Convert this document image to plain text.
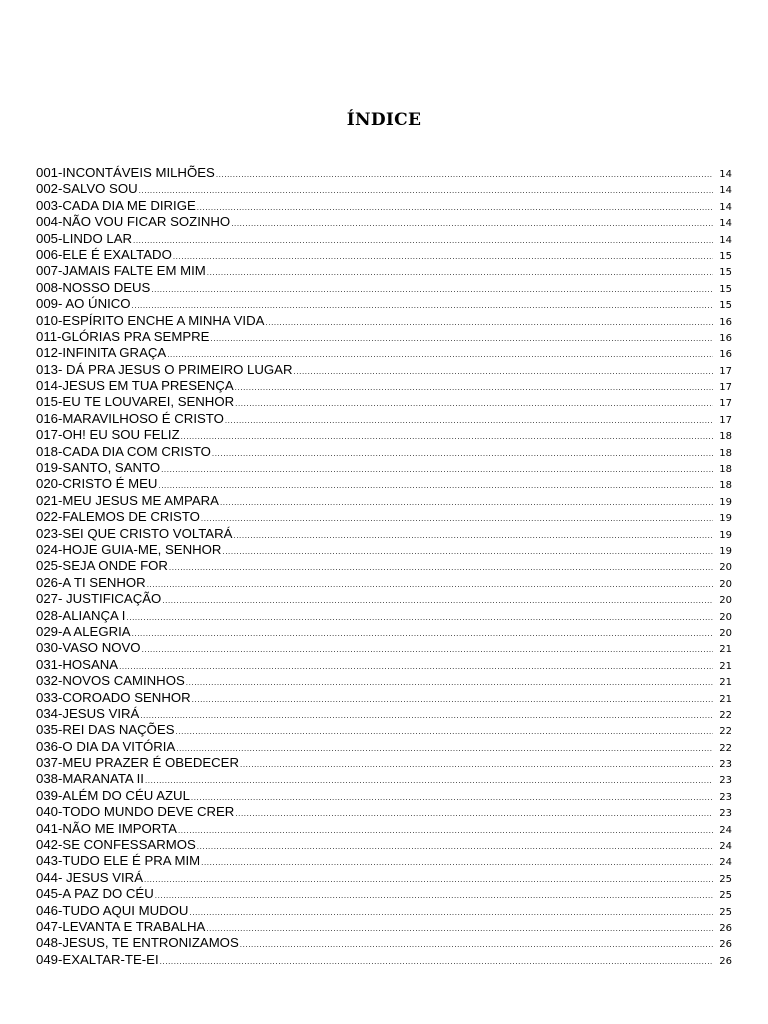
ÍNDICE
001-INCONTÁVEIS MILHÕES .....	14
002-SALVO SOU .....	14
003-CADA DIA ME DIRIGE .....	14
004-NÃO VOU FICAR SOZINHO .....	14
005-LINDO LAR .....	14
006-ELE É EXALTADO .....	15
007-JAMAIS FALTE EM MIM .....	15
008-NOSSO DEUS .....	15
009- AO ÚNICO .....	15
010-ESPÍRITO ENCHE A MINHA VIDA .....	16
011-GLÓRIAS PRA SEMPRE .....	16
012-INFINITA GRAÇA .....	16
013- DÁ PRA JESUS O PRIMEIRO LUGAR .....	17
014-JESUS EM TUA PRESENÇA .....	17
015-EU TE LOUVAREI, SENHOR .....	17
016-MARAVILHOSO É CRISTO .....	17
017-OH! EU SOU FELIZ .....	18
018-CADA DIA COM CRISTO .....	18
019-SANTO, SANTO .....	18
020-CRISTO É MEU .....	18
021-MEU JESUS ME AMPARA .....	19
022-FALEMOS DE CRISTO .....	19
023-SEI QUE CRISTO VOLTARÁ .....	19
024-HOJE GUIA-ME, SENHOR .....	19
025-SEJA ONDE FOR .....	20
026-A TI SENHOR .....	20
027- JUSTIFICAÇÃO .....	20
028-ALIANÇA I .....	20
029-A ALEGRIA .....	20
030-VASO NOVO .....	21
031-HOSANA .....	21
032-NOVOS CAMINHOS .....	21
033-COROADO SENHOR .....	21
034-JESUS VIRÁ .....	22
035-REI DAS NAÇÕES .....	22
036-O DIA DA VITÓRIA .....	22
037-MEU PRAZER É OBEDECER .....	23
038-MARANATA II .....	23
039-ALÉM DO CÉU AZUL .....	23
040-TODO MUNDO DEVE CRER .....	23
041-NÃO ME IMPORTA .....	24
042-SE CONFESSARMOS .....	24
043-TUDO ELE É PRA MIM .....	24
044- JESUS VIRÁ .....	25
045-A PAZ DO CÉU .....	25
046-TUDO AQUI MUDOU .....	25
047-LEVANTA E TRABALHA .....	26
048-JESUS, TE ENTRONIZAMOS .....	26
049-EXALTAR-TE-EI .....	26
